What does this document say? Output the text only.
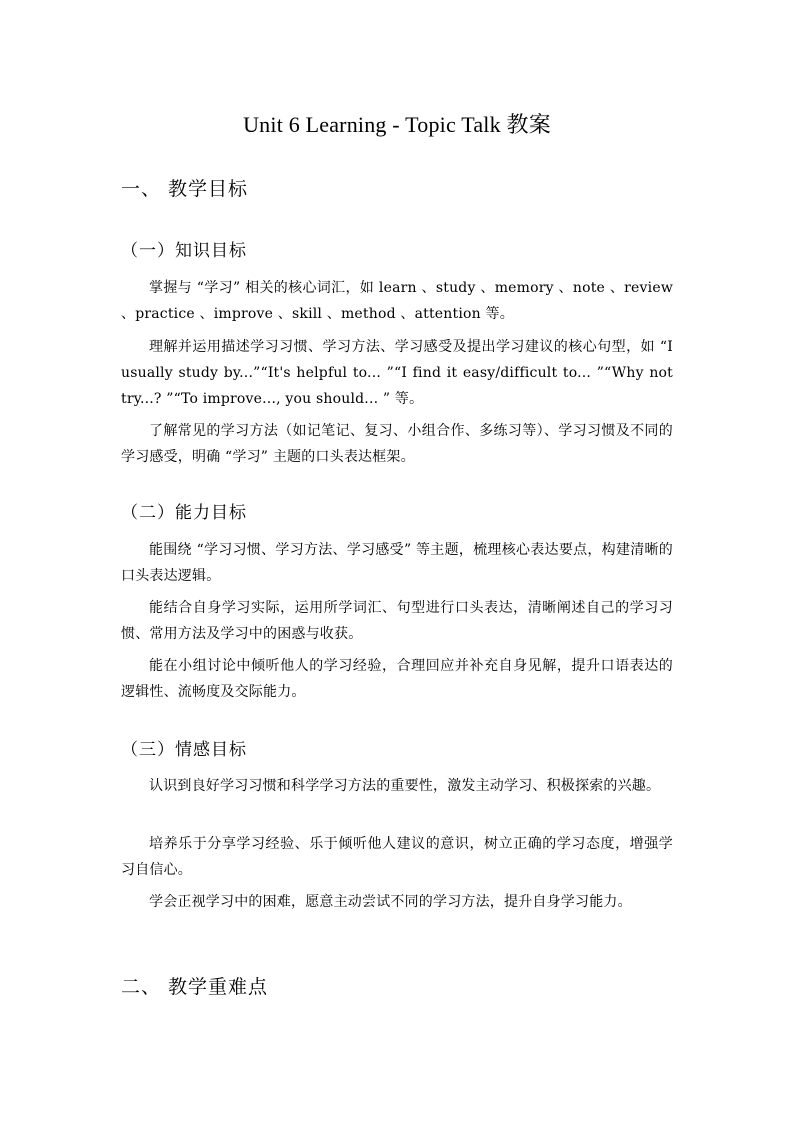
Unit 6 Learning - Topic Talk 教案
一、 教学目标
（一）知识目标
掌握与 “学习” 相关的核心词汇，如 learn 、study 、memory 、note 、review 、practice 、improve 、skill 、method 、attention 等。
理解并运用描述学习习惯、学习方法、学习感受及提出学习建议的核心句型，如 “I usually study by...”“It's helpful to... ”“I find it easy/difficult to... ”“Why not try...? ”“To improve..., you should... ” 等。
了解常见的学习方法（如记笔记、复习、小组合作、多练习等）、学习习惯及不同的学习感受，明确 “学习” 主题的口头表达框架。
（二）能力目标
能围绕 “学习习惯、学习方法、学习感受” 等主题，梳理核心表达要点，构建清晰的口头表达逻辑。
能结合自身学习实际，运用所学词汇、句型进行口头表达，清晰阐述自己的学习习惯、常用方法及学习中的困惑与收获。
能在小组讨论中倾听他人的学习经验，合理回应并补充自身见解，提升口语表达的逻辑性、流畅度及交际能力。
（三）情感目标
认识到良好学习习惯和科学学习方法的重要性，激发主动学习、积极探索的兴趣。
培养乐于分享学习经验、乐于倾听他人建议的意识，树立正确的学习态度，增强学习自信心。
学会正视学习中的困难，愿意主动尝试不同的学习方法，提升自身学习能力。
二、 教学重难点
